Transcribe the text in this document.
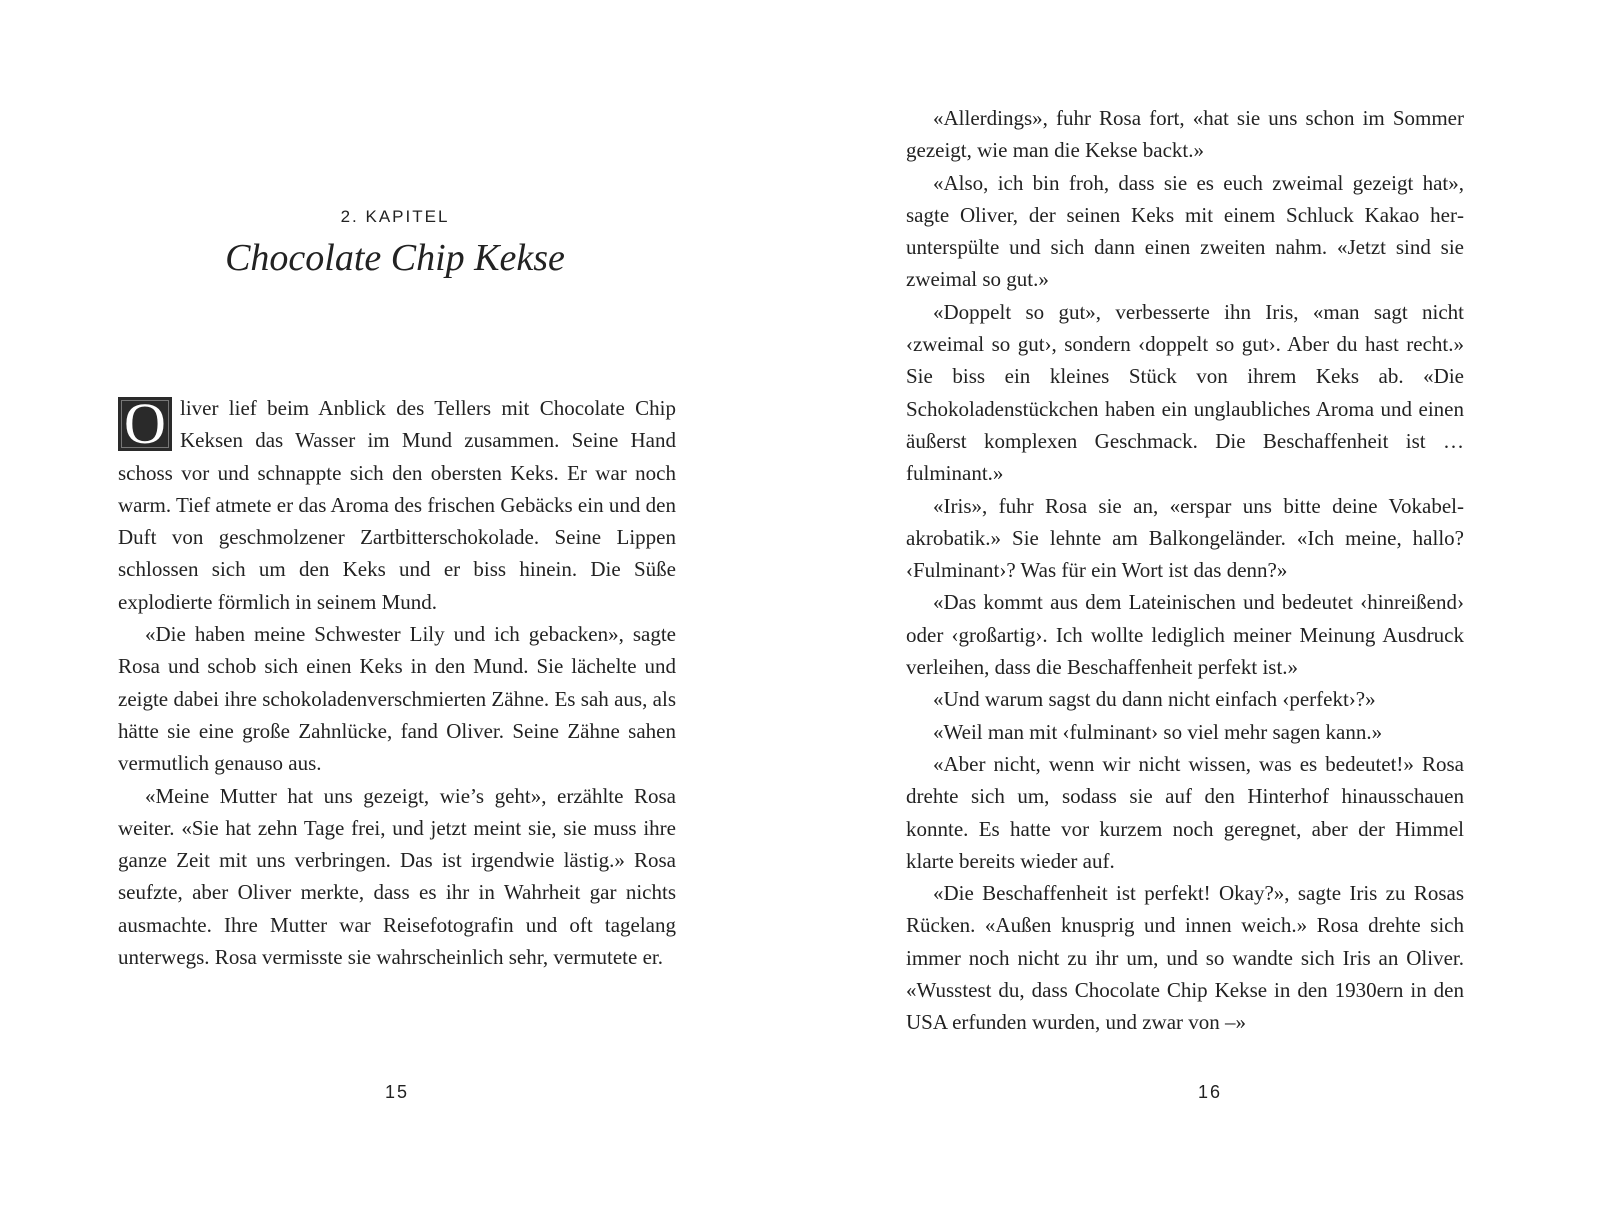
2. KAPITEL
Chocolate Chip Kekse

O liver lief beim Anblick des Tellers mit Chocolate Chip Keksen das Wasser im Mund zusammen. Seine Hand schoss vor und schnappte sich den obersten Keks. Er war noch warm. Tief atmete er das Aroma des frischen Gebäcks ein und den Duft von geschmolzener Zartbitterschokolade. Seine Lippen schlossen sich um den Keks und er biss hinein. Die Süße explodierte förmlich in seinem Mund.

«Die haben meine Schwester Lily und ich gebacken», sagte Rosa und schob sich einen Keks in den Mund. Sie lächelte und zeigte dabei ihre schokoladenverschmierten Zähne. Es sah aus, als hätte sie eine große Zahnlücke, fand Oliver. Seine Zähne sahen vermutlich genauso aus.

«Meine Mutter hat uns gezeigt, wie’s geht», erzählte Rosa weiter. «Sie hat zehn Tage frei, und jetzt meint sie, sie muss ihre ganze Zeit mit uns verbringen. Das ist irgendwie lästig.» Rosa seufzte, aber Oliver merkte, dass es ihr in Wahrheit gar nichts ausmachte. Ihre Mutter war Reisefotografin und oft tagelang unterwegs. Rosa vermisste sie wahrscheinlich sehr, vermutete er.

15

«Allerdings», fuhr Rosa fort, «hat sie uns schon im Sommer gezeigt, wie man die Kekse backt.»

«Also, ich bin froh, dass sie es euch zweimal gezeigt hat», sagte Oliver, der seinen Keks mit einem Schluck Kakao herunterspülte und sich dann einen zweiten nahm. «Jetzt sind sie zweimal so gut.»

«Doppelt so gut», verbesserte ihn Iris, «man sagt nicht ‹zweimal so gut›, sondern ‹doppelt so gut›. Aber du hast recht.» Sie biss ein kleines Stück von ihrem Keks ab. «Die Schokoladenstückchen haben ein unglaubliches Aroma und einen äußerst komplexen Geschmack. Die Beschaffenheit ist … fulminant.»

«Iris», fuhr Rosa sie an, «erspar uns bitte deine Vokabelakrobatik.» Sie lehnte am Balkongeländer. «Ich meine, hallo? ‹Fulminant›? Was für ein Wort ist das denn?»

«Das kommt aus dem Lateinischen und bedeutet ‹hinreißend› oder ‹großartig›. Ich wollte lediglich meiner Meinung Ausdruck verleihen, dass die Beschaffenheit perfekt ist.»

«Und warum sagst du dann nicht einfach ‹perfekt›?»

«Weil man mit ‹fulminant› so viel mehr sagen kann.»

«Aber nicht, wenn wir nicht wissen, was es bedeutet!» Rosa drehte sich um, sodass sie auf den Hinterhof hinausschauen konnte. Es hatte vor kurzem noch geregnet, aber der Himmel klarte bereits wieder auf.

«Die Beschaffenheit ist perfekt! Okay?», sagte Iris zu Rosas Rücken. «Außen knusprig und innen weich.» Rosa drehte sich immer noch nicht zu ihr um, und so wandte sich Iris an Oliver. «Wusstest du, dass Chocolate Chip Kekse in den 1930ern in den USA erfunden wurden, und zwar von –»

16
